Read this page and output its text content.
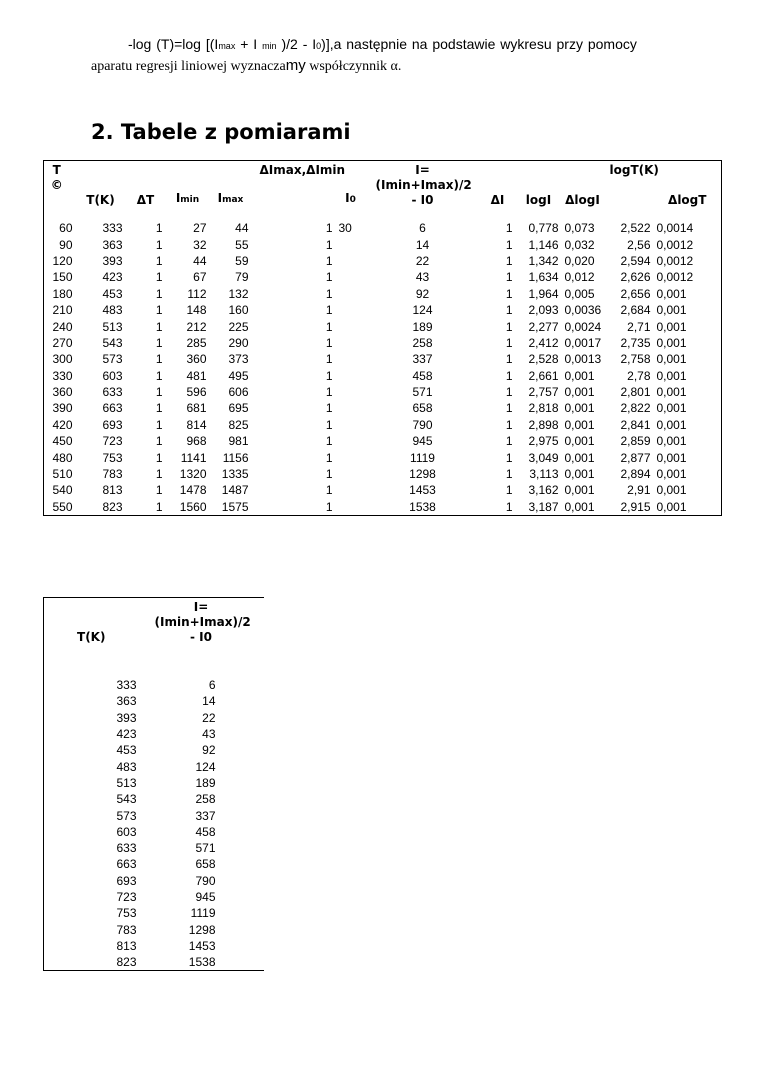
-log (T)=log [(Imax + I min )/2 - I0)],a następnie na podstawie wykresu przy pomocy
aparatu regresji liniowej wyznaczamy współczynnik α.
2. Tabele z pomiarami
T ©	T(K)	ΔT	Imin	Imax	ΔImax,ΔImin	I0	I=(Imin+Imax)/2 - I0	ΔI	logI	ΔlogI	logT(K)	ΔlogT

60	333	1	27	44	1	30	6	1	0,778	0,073	2,522	0,0014
90	363	1	32	55	1		14	1	1,146	0,032	2,56	0,0012
120	393	1	44	59	1		22	1	1,342	0,020	2,594	0,0012
150	423	1	67	79	1		43	1	1,634	0,012	2,626	0,0012
180	453	1	112	132	1		92	1	1,964	0,005	2,656	0,001
210	483	1	148	160	1		124	1	2,093	0,0036	2,684	0,001
240	513	1	212	225	1		189	1	2,277	0,0024	2,71	0,001
270	543	1	285	290	1		258	1	2,412	0,0017	2,735	0,001
300	573	1	360	373	1		337	1	2,528	0,0013	2,758	0,001
330	603	1	481	495	1		458	1	2,661	0,001	2,78	0,001
360	633	1	596	606	1		571	1	2,757	0,001	2,801	0,001
390	663	1	681	695	1		658	1	2,818	0,001	2,822	0,001
420	693	1	814	825	1		790	1	2,898	0,001	2,841	0,001
450	723	1	968	981	1		945	1	2,975	0,001	2,859	0,001
480	753	1	1141	1156	1		1119	1	3,049	0,001	2,877	0,001
510	783	1	1320	1335	1		1298	1	3,113	0,001	2,894	0,001
540	813	1	1478	1487	1		1453	1	3,162	0,001	2,91	0,001
550	823	1	1560	1575	1		1538	1	3,187	0,001	2,915	0,001
T(K)	I=(Imin+Imax)/2 - I0

333	6
363	14
393	22
423	43
453	92
483	124
513	189
543	258
573	337
603	458
633	571
663	658
693	790
723	945
753	1119
783	1298
813	1453
823	1538
